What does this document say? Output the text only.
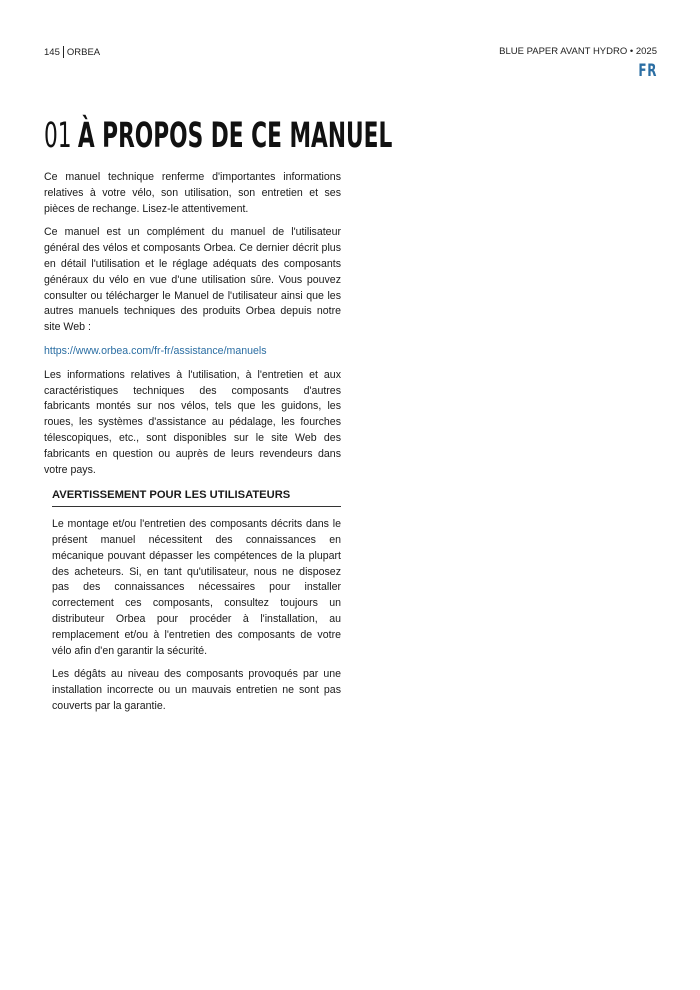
145 ORBEA	BLUE PAPER AVANT HYDRO • 2025
FR
01 À PROPOS DE CE MANUEL

Ce manuel technique renferme d'importantes informations relatives à votre vélo, son utilisation, son entretien et ses pièces de rechange. Lisez-le attentivement.

Ce manuel est un complément du manuel de l'utilisateur général des vélos et composants Orbea. Ce dernier décrit plus en détail l'utilisation et le réglage adéquats des composants généraux du vélo en vue d'une utilisation sûre. Vous pouvez consulter ou télécharger le Manuel de l'utilisateur ainsi que les autres manuels techniques des produits Orbea depuis notre site Web :

https://www.orbea.com/fr-fr/assistance/manuels

Les informations relatives à l'utilisation, à l'entretien et aux caractéristiques techniques des composants d'autres fabricants montés sur nos vélos, tels que les guidons, les roues, les systèmes d'assistance au pédalage, les fourches télescopiques, etc., sont disponibles sur le site Web des fabricants en question ou auprès de leurs revendeurs dans votre pays.

AVERTISSEMENT POUR LES UTILISATEURS

Le montage et/ou l'entretien des composants décrits dans le présent manuel nécessitent des connaissances en mécanique pouvant dépasser les compétences de la plupart des acheteurs. Si, en tant qu'utilisateur, nous ne disposez pas des connaissances nécessaires pour installer correctement ces composants, consultez toujours un distributeur Orbea pour procéder à l'installation, au remplacement et/ou à l'entretien des composants de votre vélo afin d'en garantir la sécurité.

Les dégâts au niveau des composants provoqués par une installation incorrecte ou un mauvais entretien ne sont pas couverts par la garantie.
